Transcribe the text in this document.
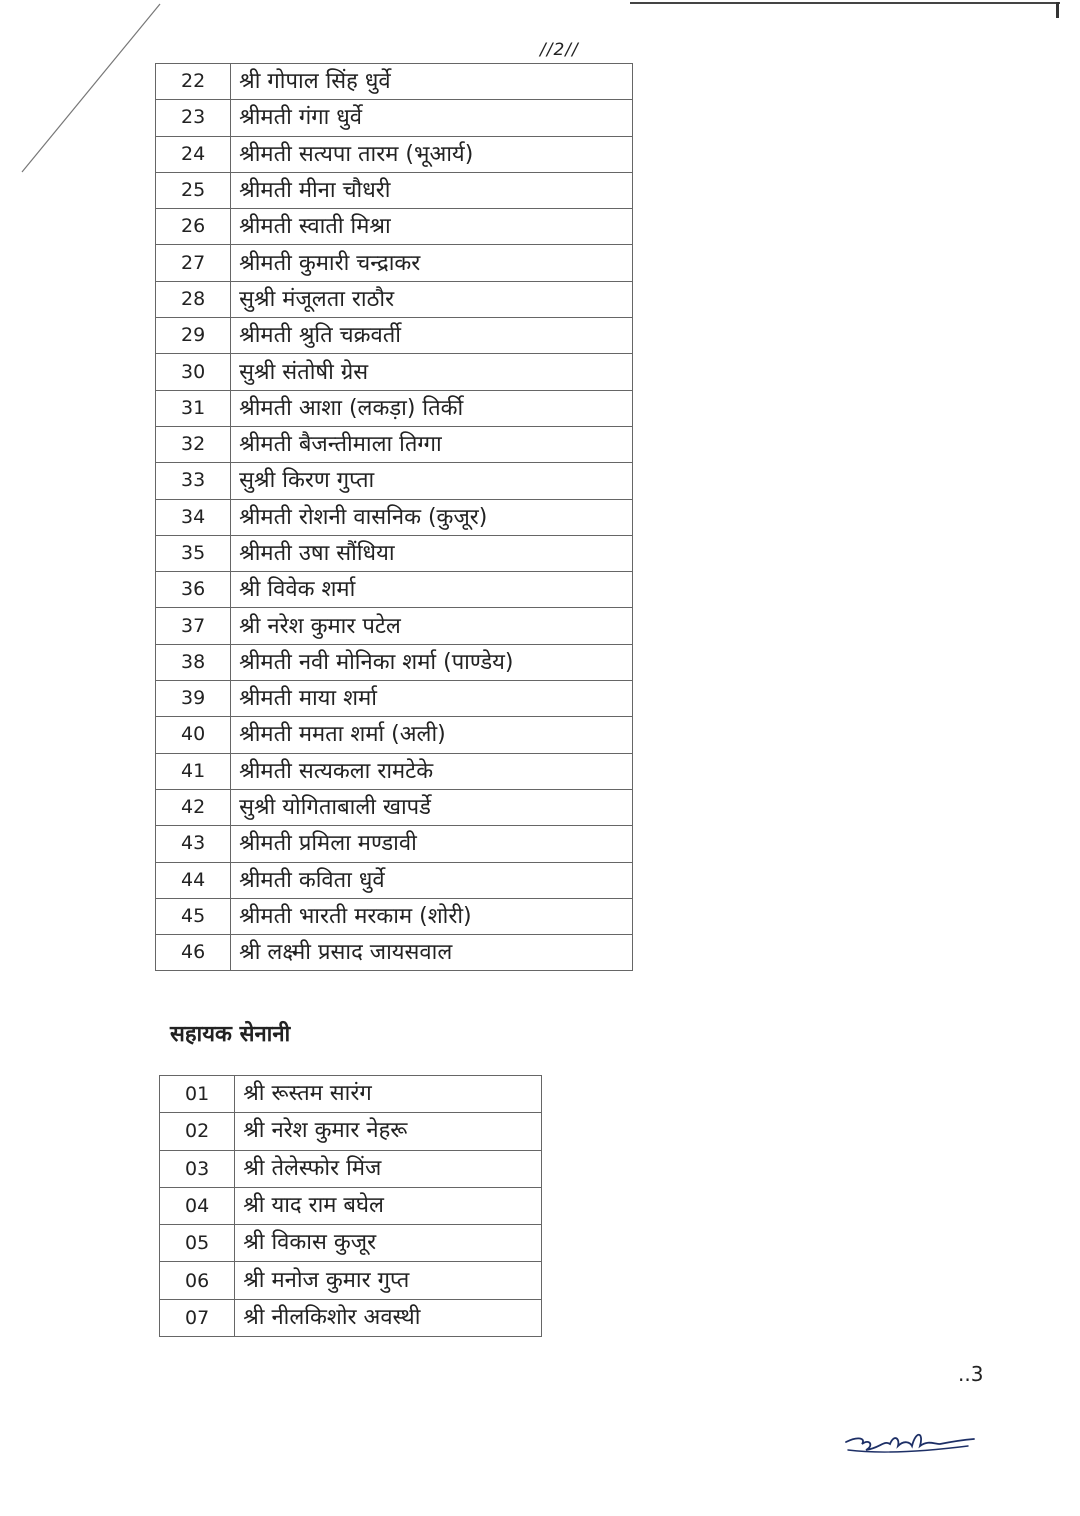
//2//
22	श्री गोपाल सिंह धुर्वे
23	श्रीमती गंगा धुर्वे
24	श्रीमती सत्यपा तारम (भूआर्य)
25	श्रीमती मीना चौधरी
26	श्रीमती स्वाती मिश्रा
27	श्रीमती कुमारी चन्द्राकर
28	सुश्री मंजूलता राठौर
29	श्रीमती श्रुति चक्रवर्ती
30	सुश्री संतोषी ग्रेस
31	श्रीमती आशा (लकड़ा) तिर्की
32	श्रीमती बैजन्तीमाला तिग्गा
33	सुश्री किरण गुप्ता
34	श्रीमती रोशनी वासनिक (कुजूर)
35	श्रीमती उषा सौंधिया
36	श्री विवेक शर्मा
37	श्री नरेश कुमार पटेल
38	श्रीमती नवी मोनिका शर्मा (पाण्डेय)
39	श्रीमती माया शर्मा
40	श्रीमती ममता शर्मा (अली)
41	श्रीमती सत्यकला रामटेके
42	सुश्री योगिताबाली खापर्डे
43	श्रीमती प्रमिला मण्डावी
44	श्रीमती कविता धुर्वे
45	श्रीमती भारती मरकाम (शोरी)
46	श्री लक्ष्मी प्रसाद जायसवाल
सहायक सेनानी
01	श्री रूस्तम सारंग
02	श्री नरेश कुमार नेहरू
03	श्री तेलेस्फोर मिंज
04	श्री याद राम बघेल
05	श्री विकास कुजूर
06	श्री मनोज कुमार गुप्त
07	श्री नीलकिशोर अवस्थी
..3
